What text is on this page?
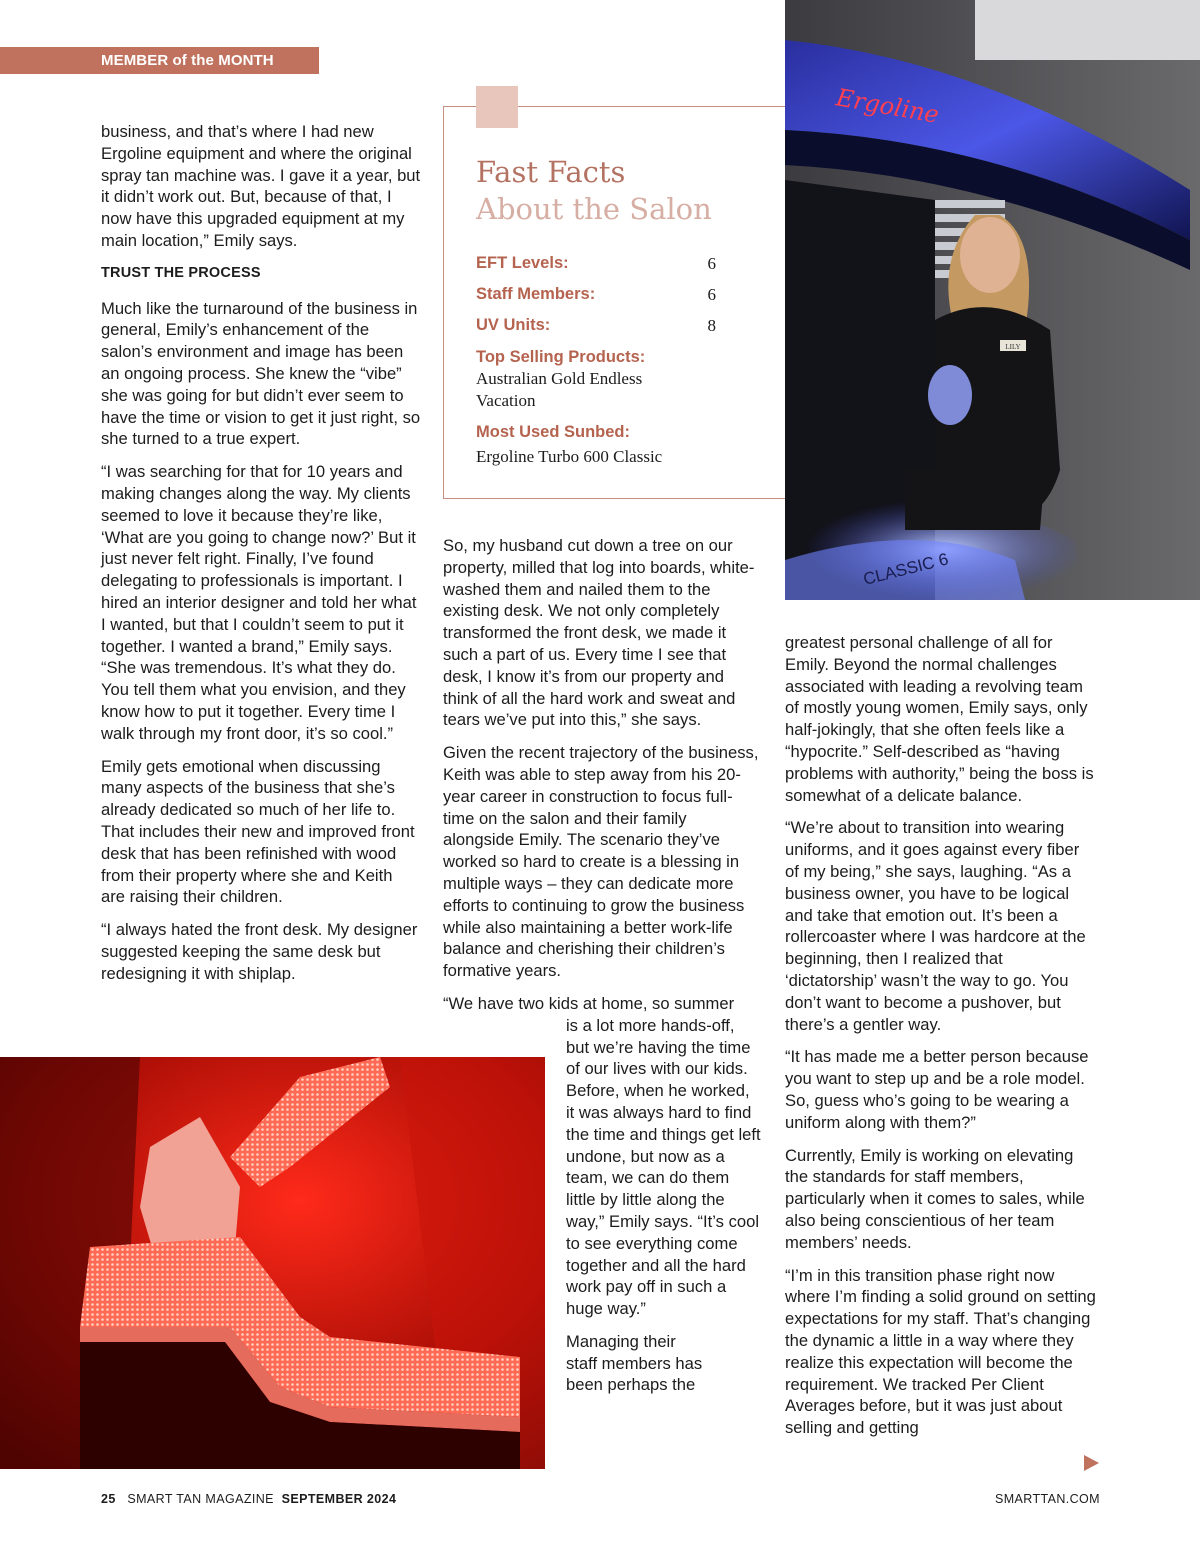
MEMBER of the MONTH

business, and that’s where I had new Ergoline equipment and where the original spray tan machine was. I gave it a year, but it didn’t work out. But, because of that, I now have this upgraded equipment at my main location,” Emily says.

TRUST THE PROCESS

Much like the turnaround of the business in general, Emily’s enhancement of the salon’s environment and image has been an ongoing process. She knew the “vibe” she was going for but didn’t ever seem to have the time or vision to get it just right, so she turned to a true expert.

“I was searching for that for 10 years and making changes along the way. My clients seemed to love it because they’re like, ‘What are you going to change now?’ But it just never felt right. Finally, I’ve found delegating to professionals is important. I hired an interior designer and told her what I wanted, but that I couldn’t seem to put it together. I wanted a brand,” Emily says. “She was tremendous. It’s what they do. You tell them what you envision, and they know how to put it together. Every time I walk through my front door, it’s so cool.”

Emily gets emotional when discussing many aspects of the business that she’s already dedicated so much of her life to. That includes their new and improved front desk that has been refinished with wood from their property where she and Keith are raising their children.

“I always hated the front desk. My designer suggested keeping the same desk but redesigning it with shiplap.

Fast Facts
About the Salon
EFT Levels:	6
Staff Members:	6
UV Units:	8
Top Selling Products:
Australian Gold Endless Vacation
Most Used Sunbed:
Ergoline Turbo 600 Classic
CLASSIC 6
Ergoline
LILY

So, my husband cut down a tree on our property, milled that log into boards, white-washed them and nailed them to the existing desk. We not only completely transformed the front desk, we made it such a part of us. Every time I see that desk, I know it’s from our property and think of all the hard work and sweat and tears we’ve put into this,” she says.

Given the recent trajectory of the business, Keith was able to step away from his 20-year career in construction to focus full-time on the salon and their family alongside Emily. The scenario they’ve worked so hard to create is a blessing in multiple ways – they can dedicate more efforts to continuing to grow the business while also maintaining a better work-life balance and cherishing their children’s formative years.

“We have two kids at home, so summer

is a lot more hands-off, but we’re having the time of our lives with our kids. Before, when he worked, it was always hard to find the time and things get left undone, but now as a team, we can do them little by little along the way,” Emily says. “It’s cool to see everything come together and all the hard work pay off in such a huge way.”

Managing their staff members has been perhaps the

greatest personal challenge of all for Emily. Beyond the normal challenges associated with leading a revolving team of mostly young women, Emily says, only half-jokingly, that she often feels like a “hypocrite.” Self-described as “having problems with authority,” being the boss is somewhat of a delicate balance.

“We’re about to transition into wearing uniforms, and it goes against every fiber of my being,” she says, laughing. “As a business owner, you have to be logical and take that emotion out. It’s been a rollercoaster where I was hardcore at the beginning, then I realized that ‘dictatorship’ wasn’t the way to go. You don’t want to become a pushover, but there’s a gentler way.

“It has made me a better person because you want to step up and be a role model. So, guess who’s going to be wearing a uniform along with them?”

Currently, Emily is working on elevating the standards for staff members, particularly when it comes to sales, while also being conscientious of her team members’ needs.

“I’m in this transition phase right now where I’m finding a solid ground on setting expectations for my staff. That’s changing the dynamic a little in a way where they realize this expectation will become the requirement. We tracked Per Client Averages before, but it was just about selling and getting

25 SMART TAN MAGAZINE SEPTEMBER 2024	SMARTTAN.COM
